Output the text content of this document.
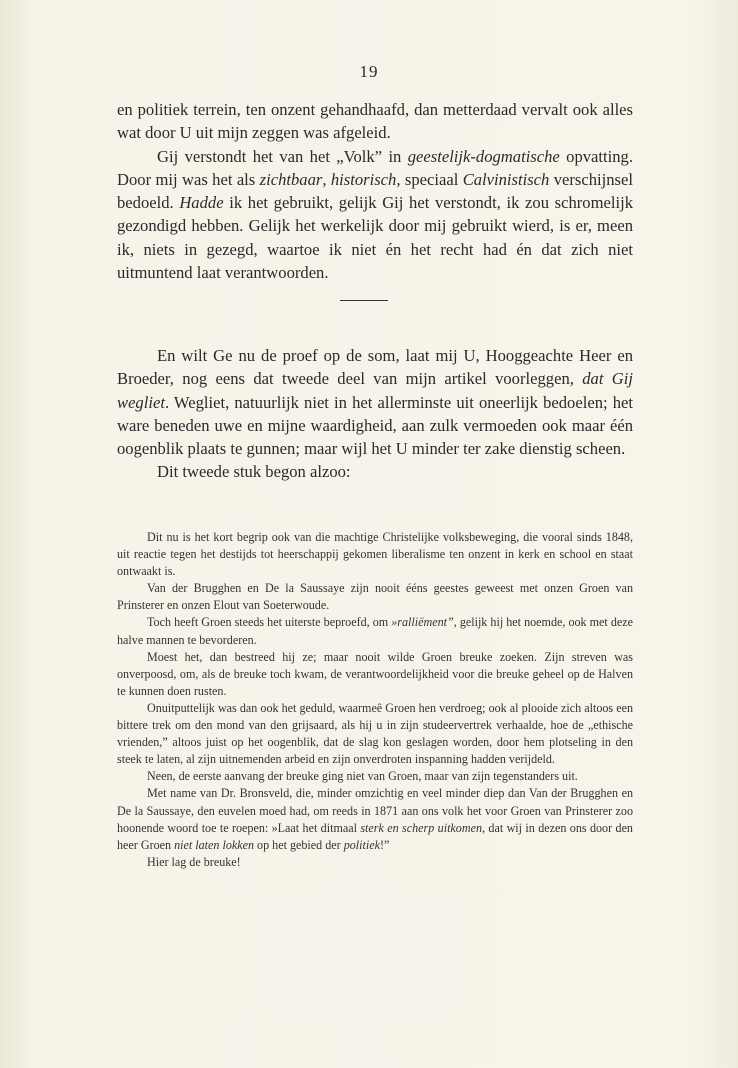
19

en politiek terrein, ten onzent gehandhaafd, dan metterdaad vervalt ook alles wat door U uit mijn zeggen was afgeleid.

Gij verstondt het van het „Volk” in geestelijk-dogmatische opvatting. Door mij was het als zichtbaar, historisch, speciaal Calvinistisch verschijnsel bedoeld. Hadde ik het gebruikt, gelijk Gij het verstondt, ik zou schromelijk gezondigd hebben. Gelijk het werkelijk door mij gebruikt wierd, is er, meen ik, niets in gezegd, waartoe ik niet én het recht had én dat zich niet uitmuntend laat verantwoorden.

En wilt Ge nu de proef op de som, laat mij U, Hooggeachte Heer en Broeder, nog eens dat tweede deel van mijn artikel voorleggen, dat Gij wegliet. Wegliet, natuurlijk niet in het allerminste uit oneerlijk bedoelen; het ware beneden uwe en mijne waardigheid, aan zulk vermoeden ook maar één oogenblik plaats te gunnen; maar wijl het U minder ter zake dienstig scheen.

Dit tweede stuk begon alzoo:

Dit nu is het kort begrip ook van die machtige Christelijke volksbeweging, die vooral sinds 1848, uit reactie tegen het destijds tot heerschappij gekomen liberalisme ten onzent in kerk en school en staat ontwaakt is.

Van der Brugghen en De la Saussaye zijn nooit ééns geestes geweest met onzen Groen van Prinsterer en onzen Elout van Soeterwoude.

Toch heeft Groen steeds het uiterste beproefd, om »ralliëment”, gelijk hij het noemde, ook met deze halve mannen te bevorderen.

Moest het, dan bestreed hij ze; maar nooit wilde Groen breuke zoeken. Zijn streven was onverpoosd, om, als de breuke toch kwam, de verantwoordelijkheid voor die breuke geheel op de Halven te kunnen doen rusten.

Onuitputtelijk was dan ook het geduld, waarmeê Groen hen verdroeg; ook al plooide zich altoos een bittere trek om den mond van den grijsaard, als hij u in zijn studeervertrek verhaalde, hoe de „ethische vrienden,” altoos juist op het oogenblik, dat de slag kon geslagen worden, door hem plotseling in den steek te laten, al zijn uitnemenden arbeid en zijn onverdroten inspanning hadden verijdeld.

Neen, de eerste aanvang der breuke ging niet van Groen, maar van zijn tegenstanders uit.

Met name van Dr. Bronsveld, die, minder omzichtig en veel minder diep dan Van der Brugghen en De la Saussaye, den euvelen moed had, om reeds in 1871 aan ons volk het voor Groen van Prinsterer zoo hoonende woord toe te roepen: »Laat het ditmaal sterk en scherp uitkomen, dat wij in dezen ons door den heer Groen niet laten lokken op het gebied der politiek!”

Hier lag de breuke!
